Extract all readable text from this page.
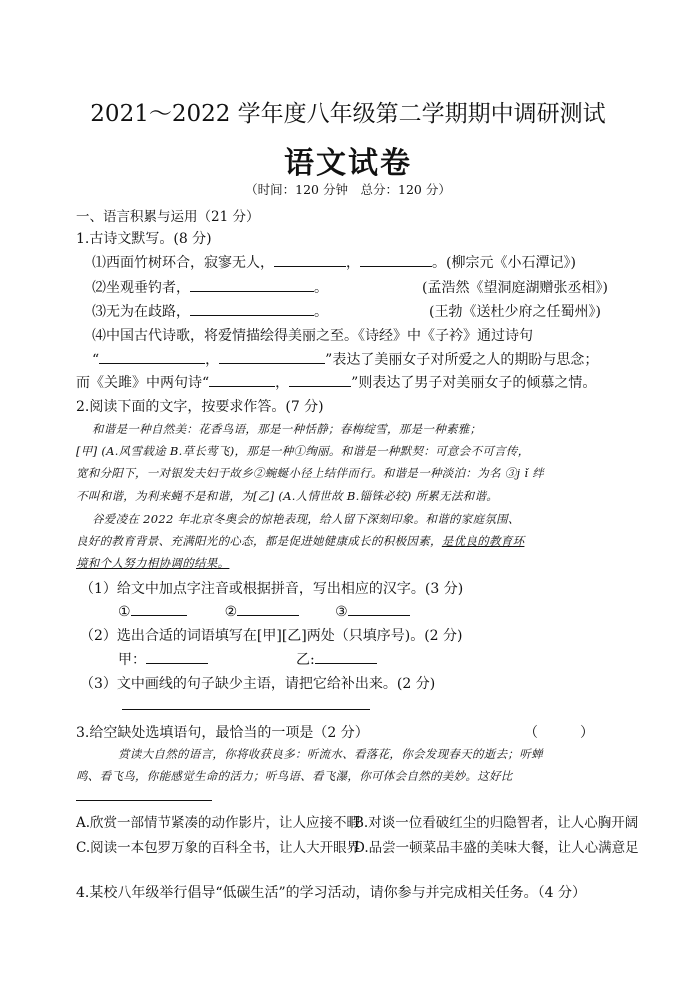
2021～2022 学年度八年级第二学期期中调研测试
语文试卷
（时间：120 分钟　总分：120 分）
一、语言积累与运用（21 分）
1.古诗文默写。(8 分)
⑴西面竹树环合，寂寥无人，	，	。(柳宗元《小石潭记》)
⑵坐观垂钓者，	。	(孟浩然《望洞庭湖赠张丞相》)
⑶无为在歧路，	。	(王勃《送杜少府之任蜀州》)
⑷中国古代诗歌，将爱情描绘得美丽之至。《诗经》中《子衿》通过诗句
“	，	”表达了美丽女子对所爱之人的期盼与思念；
而《关雎》中两句诗“	，	”则表达了男子对美丽女子的倾慕之情。
2.阅读下面的文字，按要求作答。(7 分)
和谐是一种自然美：花香鸟语，那是一种恬静；春梅绽雪，那是一种素雅；
[甲] (A.风雪载途 B.草长莺飞)，那是一种①绚丽。和谐是一种默契：可意会不可言传，
宽和分阳下，一对银发夫妇于故乡②蜿蜒小径上结伴而行。和谐是一种淡泊：为名 ③j ǐ 绊
不叫和谐，为利来蝇不是和谐，为[乙] (A.人情世故 B.锱铢必较) 所累无法和谐。
谷爱凌在 2022 年北京冬奥会的惊艳表现，给人留下深刻印象。和谐的家庭氛围、
良好的教育背景、充满阳光的心态，都是促进她健康成长的积极因素，是优良的教育环
境和个人努力相协调的结果。
（1）给文中加点字注音或根据拼音，写出相应的汉字。(3 分)
①	②	③
（2）选出合适的词语填写在[甲][乙]两处（只填序号)。(2 分)
甲：	乙:
（3）文中画线的句子缺少主语，请把它给补出来。(2 分)
3.给空缺处选填语句，最恰当的一项是（2 分）	（　　　）
赏读大自然的语言，你将收获良多：听流水、看落花，你会发现春天的逝去；听蝉
鸣、看飞鸟，你能感觉生命的活力；听鸟语、看飞瀑，你可体会自然的美妙。这好比
A.欣赏一部情节紧凑的动作影片，让人应接不暇
B.对谈一位看破红尘的归隐智者，让人心胸开阔
C.阅读一本包罗万象的百科全书，让人大开眼界
D.品尝一顿菜品丰盛的美味大餐，让人心满意足
4.某校八年级举行倡导“低碳生活”的学习活动，请你参与并完成相关任务。（4 分）
